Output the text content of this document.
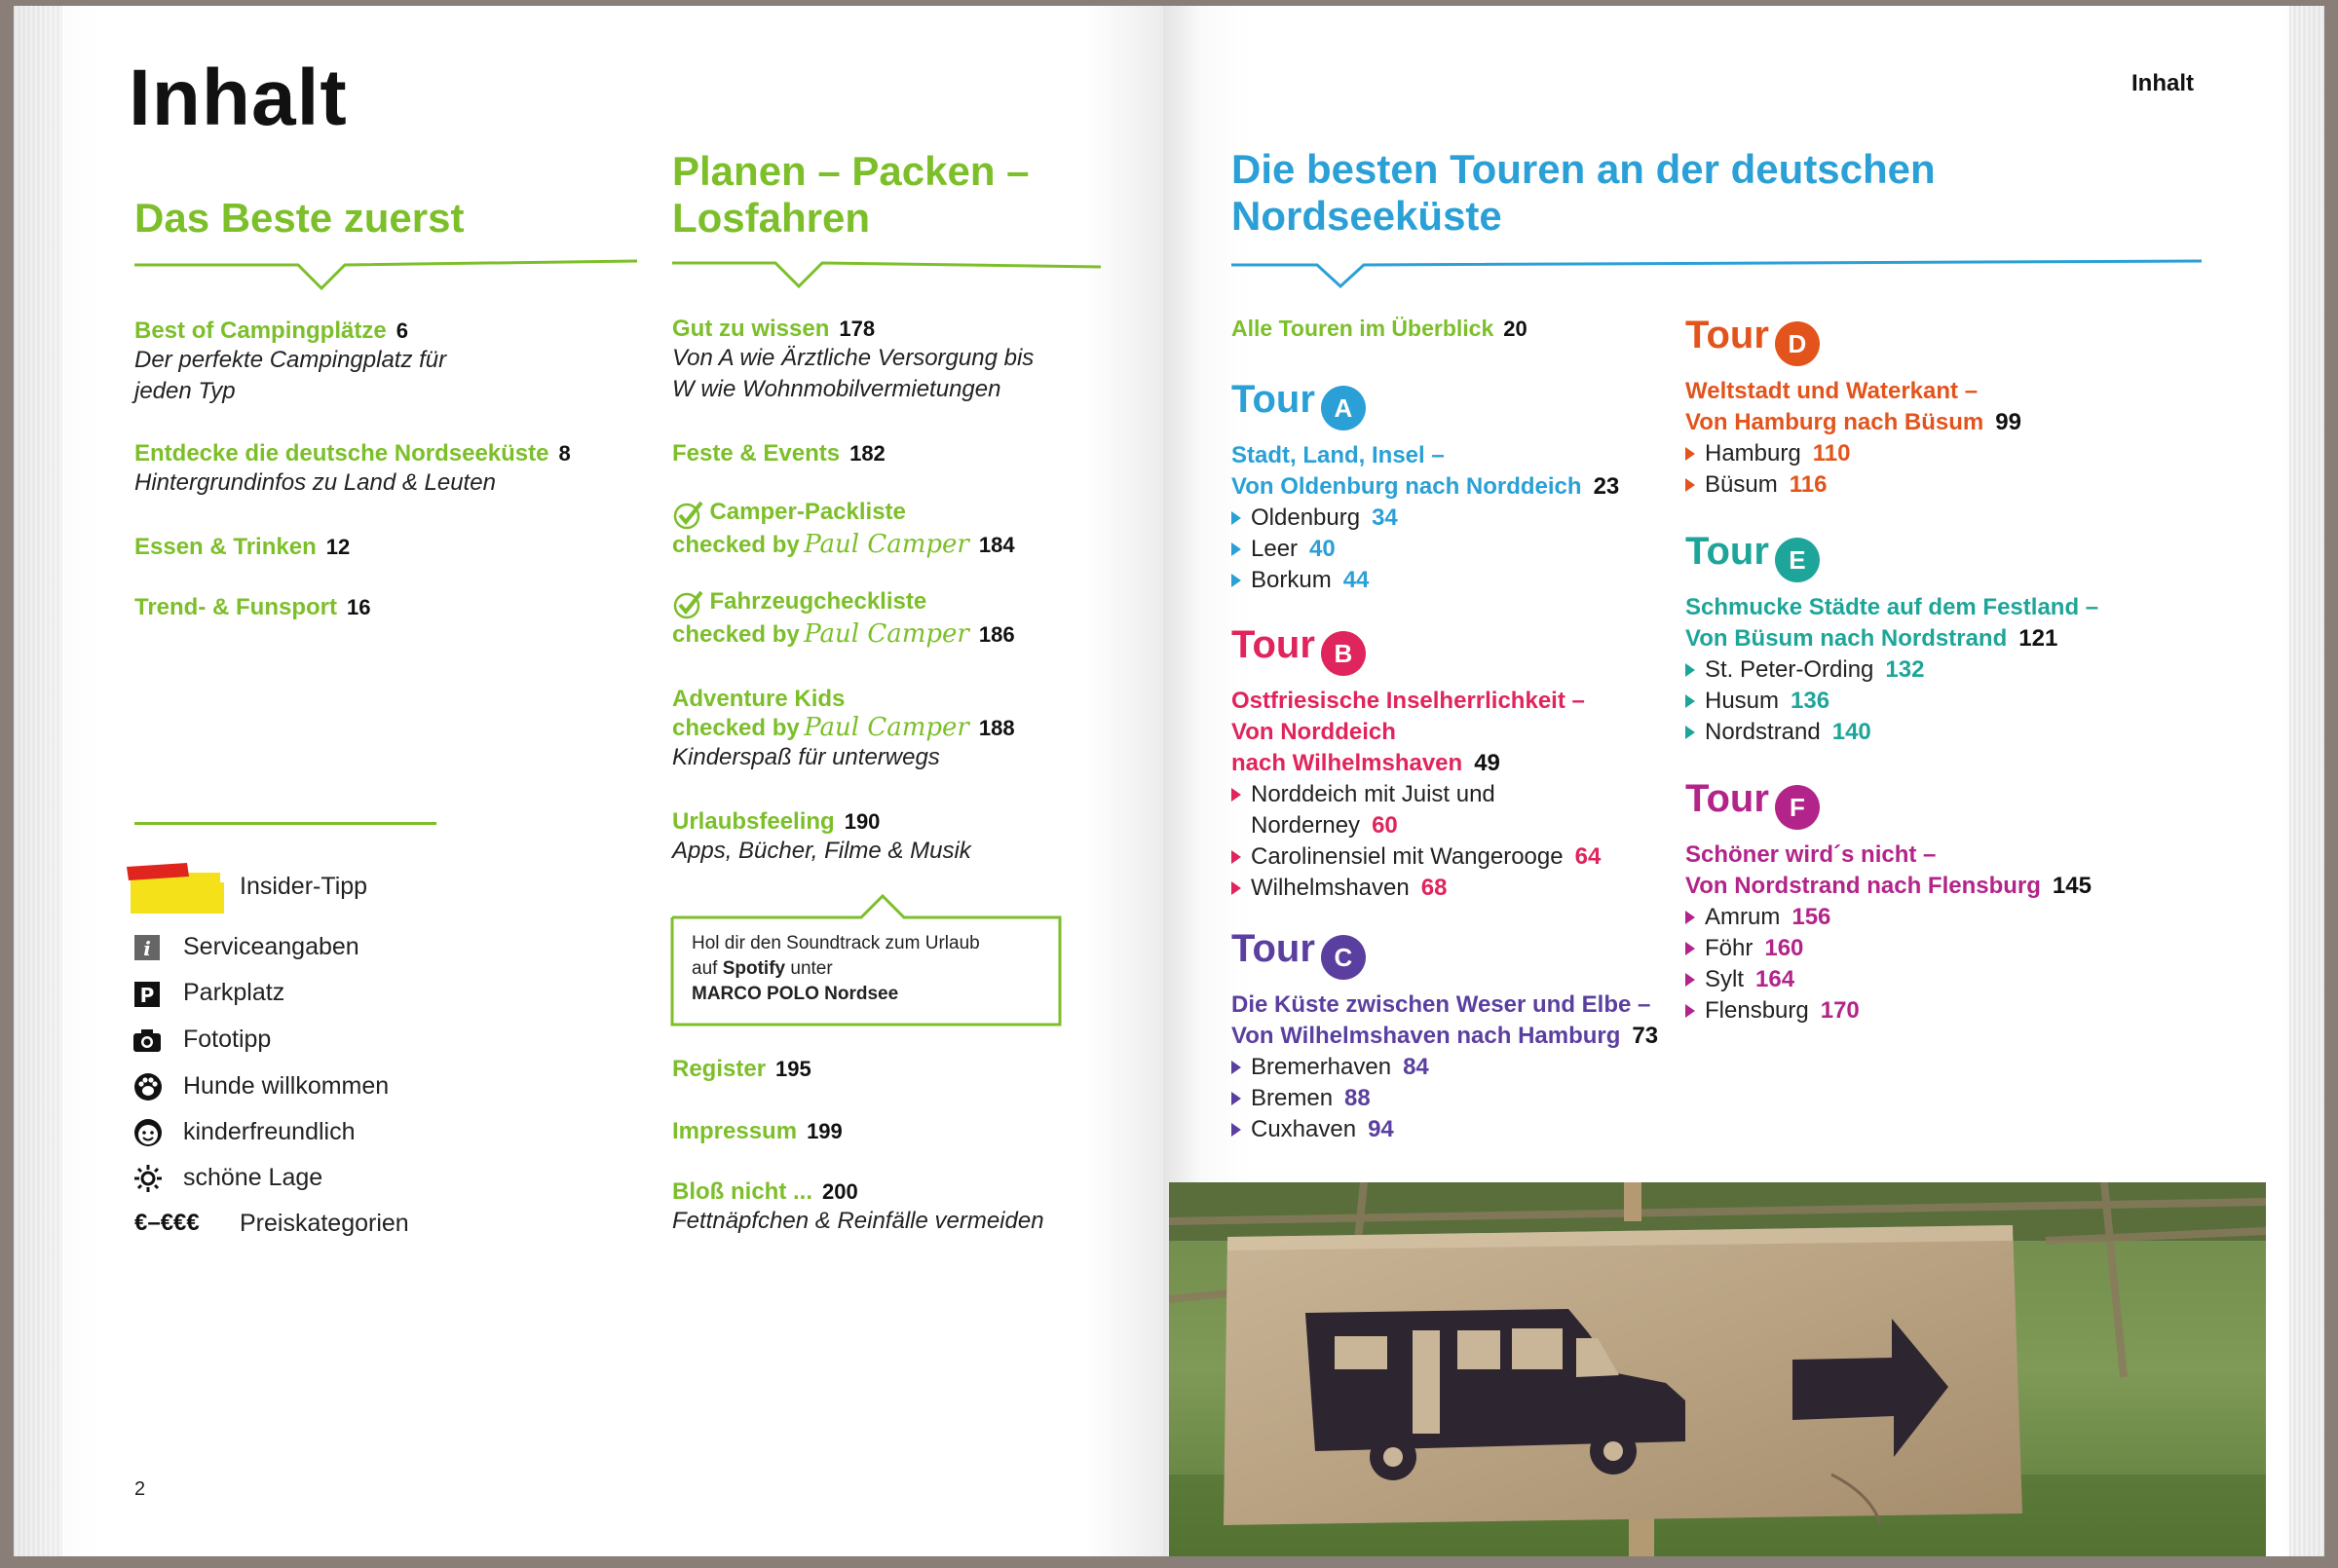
Inhalt
Das Beste zuerst
Best of Campingplätze 6
Der perfekte Campingplatz für
jeden Typ
Entdecke die deutsche Nordseeküste 8
Hintergrundinfos zu Land & Leuten
Essen & Trinken 12
Trend- & Funsport 16
Insider-Tipp
i Serviceangaben
P Parkplatz
Fototipp
Hunde willkommen
kinderfreundlich
schöne Lage
€–€€€ Preiskategorien
2
Planen – Packen –
Losfahren
Gut zu wissen 178
Von A wie Ärztliche Versorgung bis
W wie Wohnmobilvermietungen
Feste & Events 182
Camper-Packliste
checked by Paul Camper 184
Fahrzeugcheckliste
checked by Paul Camper 186
Adventure Kids
checked by Paul Camper 188
Kinderspaß für unterwegs
Urlaubsfeeling 190
Apps, Bücher, Filme & Musik
Hol dir den Soundtrack zum Urlaub
auf Spotify unter
MARCO POLO Nordsee
Register 195
Impressum 199
Bloß nicht ... 200
Fettnäpfchen & Reinfälle vermeiden
Inhalt
Die besten Touren an der deutschen
Nordseeküste
Alle Touren im Überblick 20
Tour A
Stadt, Land, Insel –
Von Oldenburg nach Norddeich 23
Oldenburg 34
Leer 40
Borkum 44
Tour B
Ostfriesische Inselherrlichkeit –
Von Norddeich
nach Wilhelmshaven 49
Norddeich mit Juist und
Norderney 60
Carolinensiel mit Wangerooge 64
Wilhelmshaven 68
Tour C
Die Küste zwischen Weser und Elbe –
Von Wilhelmshaven nach Hamburg 73
Bremerhaven 84
Bremen 88
Cuxhaven 94
Tour D
Weltstadt und Waterkant –
Von Hamburg nach Büsum 99
Hamburg 110
Büsum 116
Tour E
Schmucke Städte auf dem Festland –
Von Büsum nach Nordstrand 121
St. Peter-Ording 132
Husum 136
Nordstrand 140
Tour F
Schöner wird´s nicht –
Von Nordstrand nach Flensburg 145
Amrum 156
Föhr 160
Sylt 164
Flensburg 170
